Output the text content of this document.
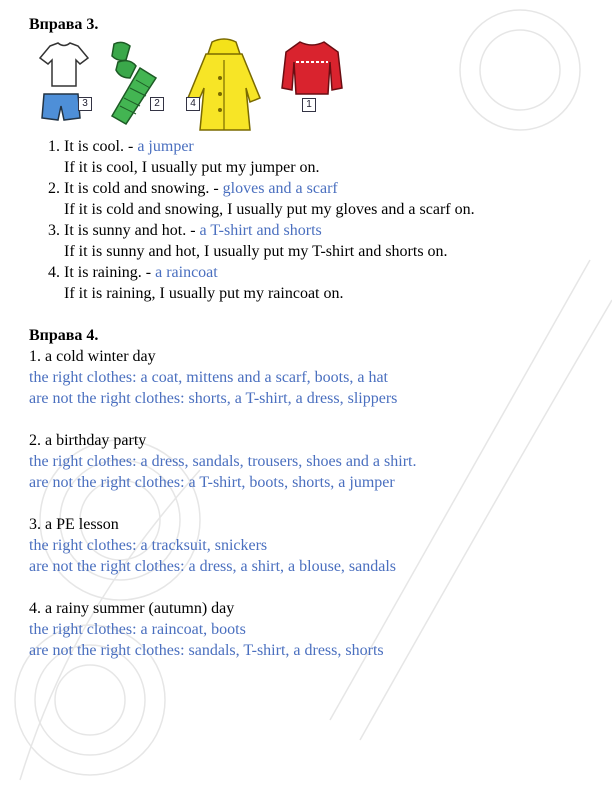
Вправа 3.
3	2	4	1
1. It is cool. - a jumper
If it is cool, I usually put my jumper on.
2. It is cold and snowing. - gloves and a scarf
If it is cold and snowing, I usually put my gloves and a scarf on.
3. It is sunny and hot. - a T-shirt and shorts
If it is sunny and hot, I usually put my T-shirt and shorts on.
4. It is raining. - a raincoat
If it is raining, I usually put my raincoat on.

Вправа 4.

1. a cold winter day

the right clothes: a coat, mittens and a scarf, boots, a hat

are not the right clothes: shorts, a T-shirt, a dress, slippers

2. a birthday party

the right clothes: a dress, sandals, trousers, shoes and a shirt.

are not the right clothes: a T-shirt, boots, shorts, a jumper

3. a PE lesson

the right clothes: a tracksuit, snickers

are not the right clothes: a dress, a shirt, a blouse, sandals

4. a rainy summer (autumn) day

the right clothes: a raincoat, boots

are not the right clothes: sandals, T-shirt, a dress, shorts
